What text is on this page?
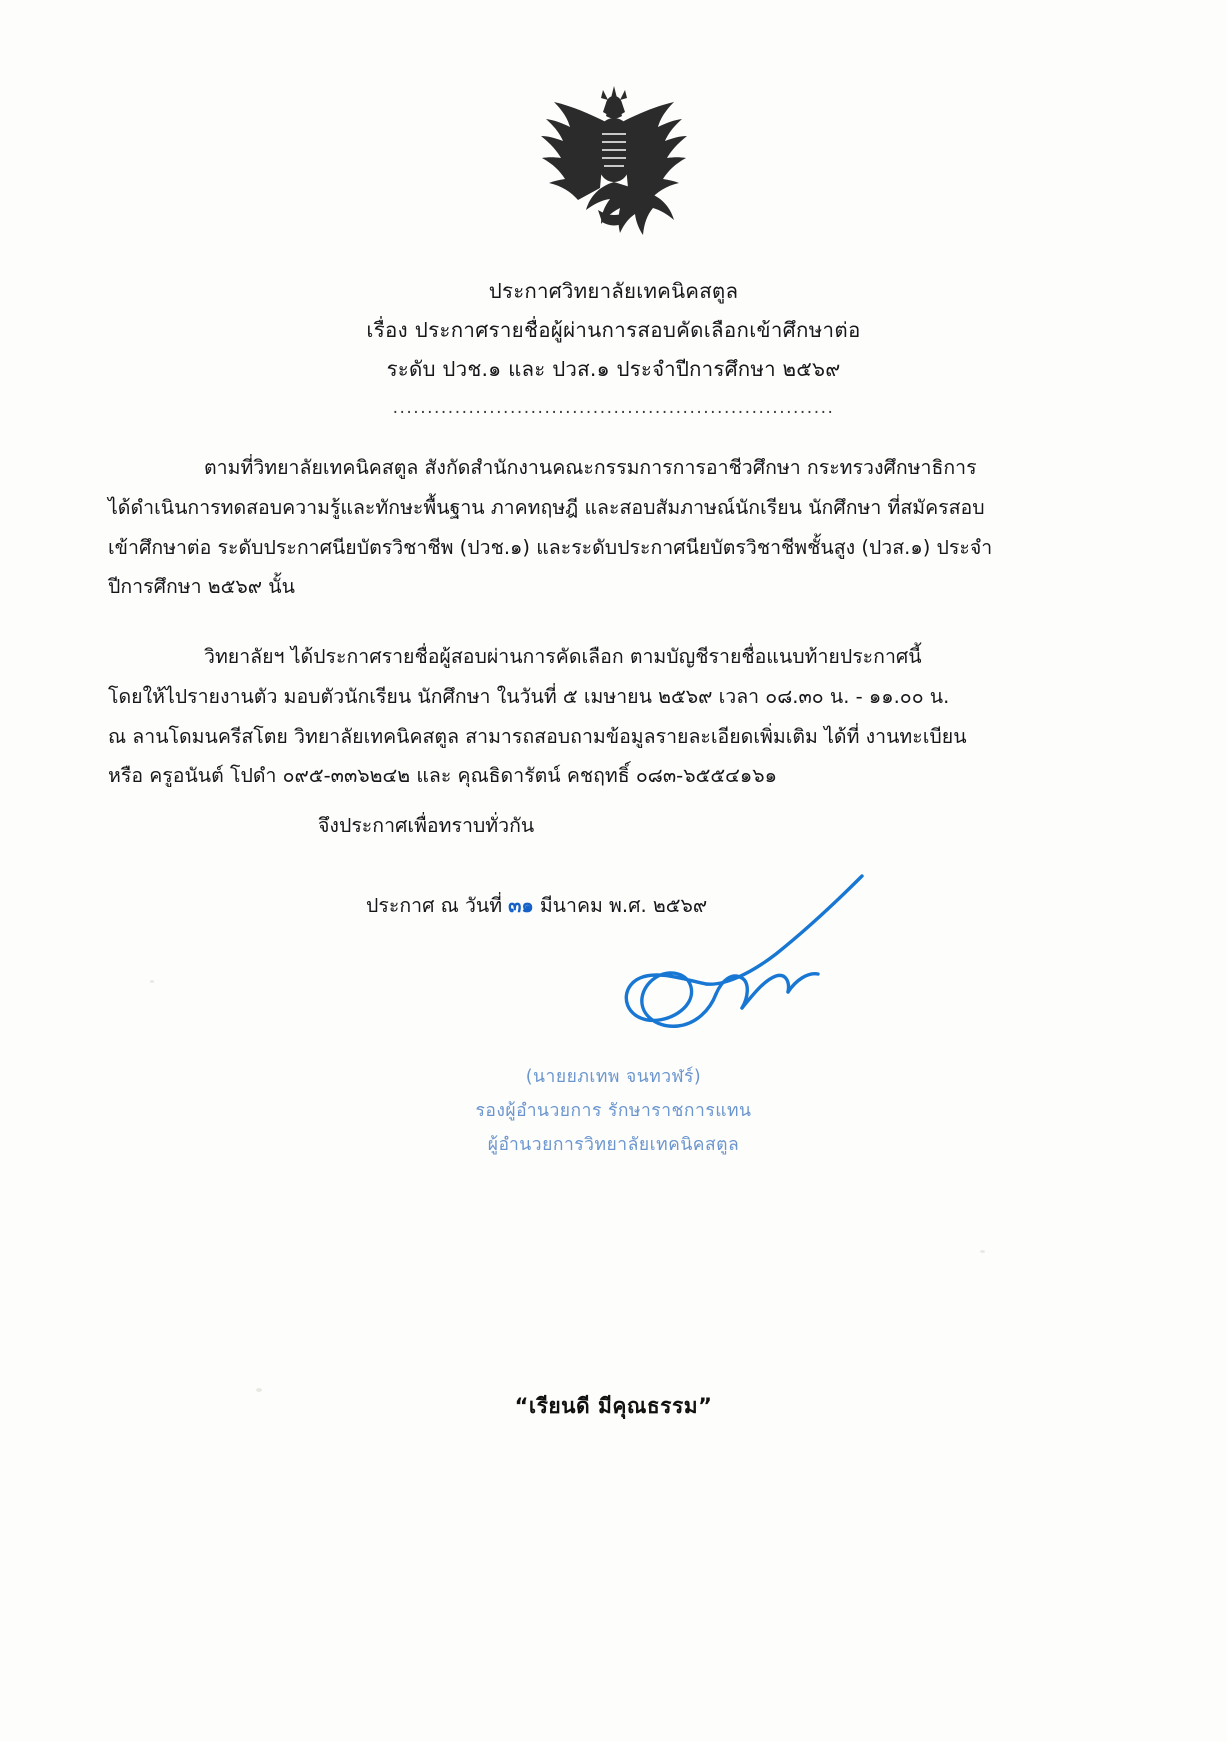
ประกาศวิทยาลัยเทคนิคสตูล
เรื่อง ประกาศรายชื่อผู้ผ่านการสอบคัดเลือกเข้าศึกษาต่อ
ระดับ ปวช.๑ และ ปวส.๑ ประจำปีการศึกษา ๒๕๖๙
................................................................
ตามที่วิทยาลัยเทคนิคสตูล สังกัดสำนักงานคณะกรรมการการอาชีวศึกษา กระทรวงศึกษาธิการ
ได้ดำเนินการทดสอบความรู้และทักษะพื้นฐาน ภาคทฤษฎี และสอบสัมภาษณ์นักเรียน นักศึกษา ที่สมัครสอบ
เข้าศึกษาต่อ ระดับประกาศนียบัตรวิชาชีพ (ปวช.๑) และระดับประกาศนียบัตรวิชาชีพชั้นสูง (ปวส.๑) ประจำ
ปีการศึกษา ๒๕๖๙ นั้น
วิทยาลัยฯ ได้ประกาศรายชื่อผู้สอบผ่านการคัดเลือก ตามบัญชีรายชื่อแนบท้ายประกาศนี้
โดยให้ไปรายงานตัว มอบตัวนักเรียน นักศึกษา ในวันที่ ๕ เมษายน ๒๕๖๙ เวลา ๐๘.๓๐ น. - ๑๑.๐๐ น.
ณ ลานโดมนครีสโตย วิทยาลัยเทคนิคสตูล สามารถสอบถามข้อมูลรายละเอียดเพิ่มเติม ได้ที่ งานทะเบียน
หรือ ครูอนันต์ โปดำ ๐๙๕-๓๓๖๒๔๒ และ คุณธิดารัตน์ คชฤทธิ์ ๐๘๓-๖๕๕๔๑๖๑
จึงประกาศเพื่อทราบทั่วกัน
ประกาศ ณ วันที่ ๓๑ มีนาคม พ.ศ. ๒๕๖๙
(นายยภเทพ จนทวฬร์)
รองผู้อำนวยการ รักษาราชการแทน
ผู้อำนวยการวิทยาลัยเทคนิคสตูล
“เรียนดี มีคุณธรรม”
